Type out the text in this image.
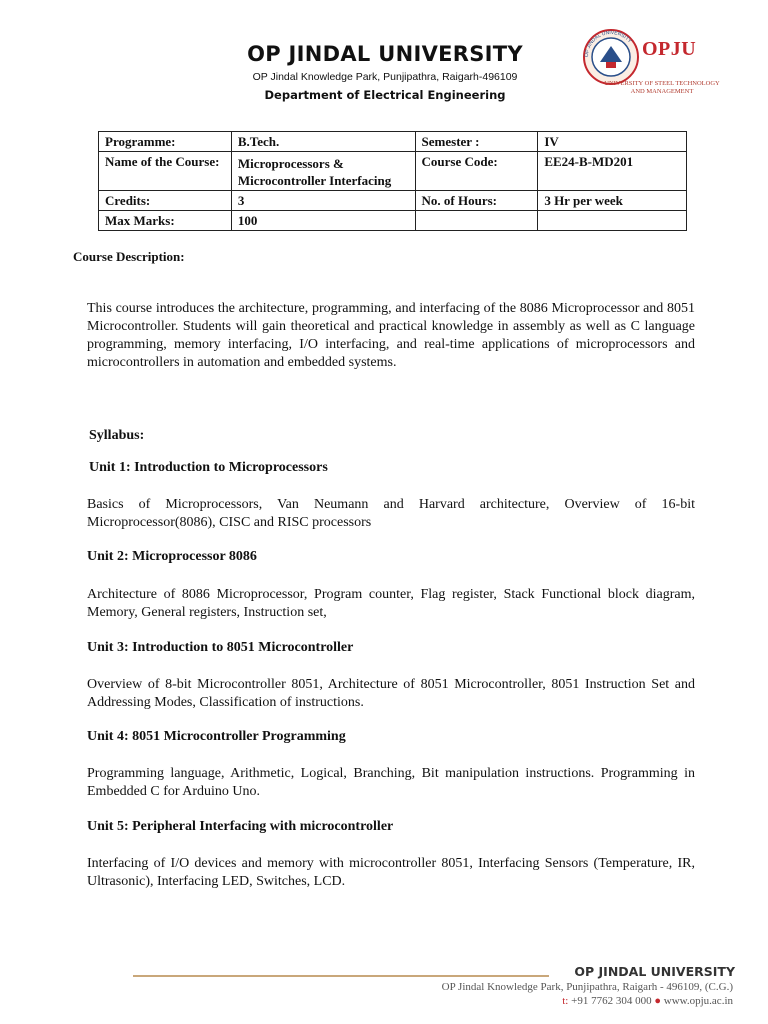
OP JINDAL UNIVERSITY
OP Jindal Knowledge Park, Punjipathra, Raigarh-496109
Department of Electrical Engineering
OP JINDAL UNIVERSITY OPJU
UNIVERSITY OF STEEL TECHNOLOGY
AND MANAGEMENT
Programme:	B.Tech.	Semester :	IV
Name of the Course:	Microprocessors & Microcontroller Interfacing	Course Code:	EE24-B-MD201
Credits:	3	No. of Hours:	3 Hr per week
Max Marks:	100		
Course Description:
This course introduces the architecture, programming, and interfacing of the 8086 Microprocessor and 8051 Microcontroller. Students will gain theoretical and practical knowledge in assembly as well as C language programming, memory interfacing, I/O interfacing, and real-time applications of microprocessors and microcontrollers in automation and embedded systems.
Syllabus:
Unit 1: Introduction to Microprocessors
Basics of Microprocessors, Van Neumann and Harvard architecture, Overview of 16-bit Microprocessor(8086), CISC and RISC processors
Unit 2: Microprocessor 8086
Architecture of 8086 Microprocessor, Program counter, Flag register, Stack Functional block diagram, Memory, General registers, Instruction set,
Unit 3: Introduction to 8051 Microcontroller
Overview of 8-bit Microcontroller 8051, Architecture of 8051 Microcontroller, 8051 Instruction Set and Addressing Modes, Classification of instructions.
Unit 4: 8051 Microcontroller Programming
Programming language, Arithmetic, Logical, Branching, Bit manipulation instructions. Programming in Embedded C for Arduino Uno.
Unit 5: Peripheral Interfacing with microcontroller
Interfacing of I/O devices and memory with microcontroller 8051, Interfacing Sensors (Temperature, IR, Ultrasonic), Interfacing LED, Switches, LCD.
OP JINDAL UNIVERSITY
OP Jindal Knowledge Park, Punjipathra, Raigarh - 496109, (C.G.)
t: +91 7762 304 000 ● www.opju.ac.in
